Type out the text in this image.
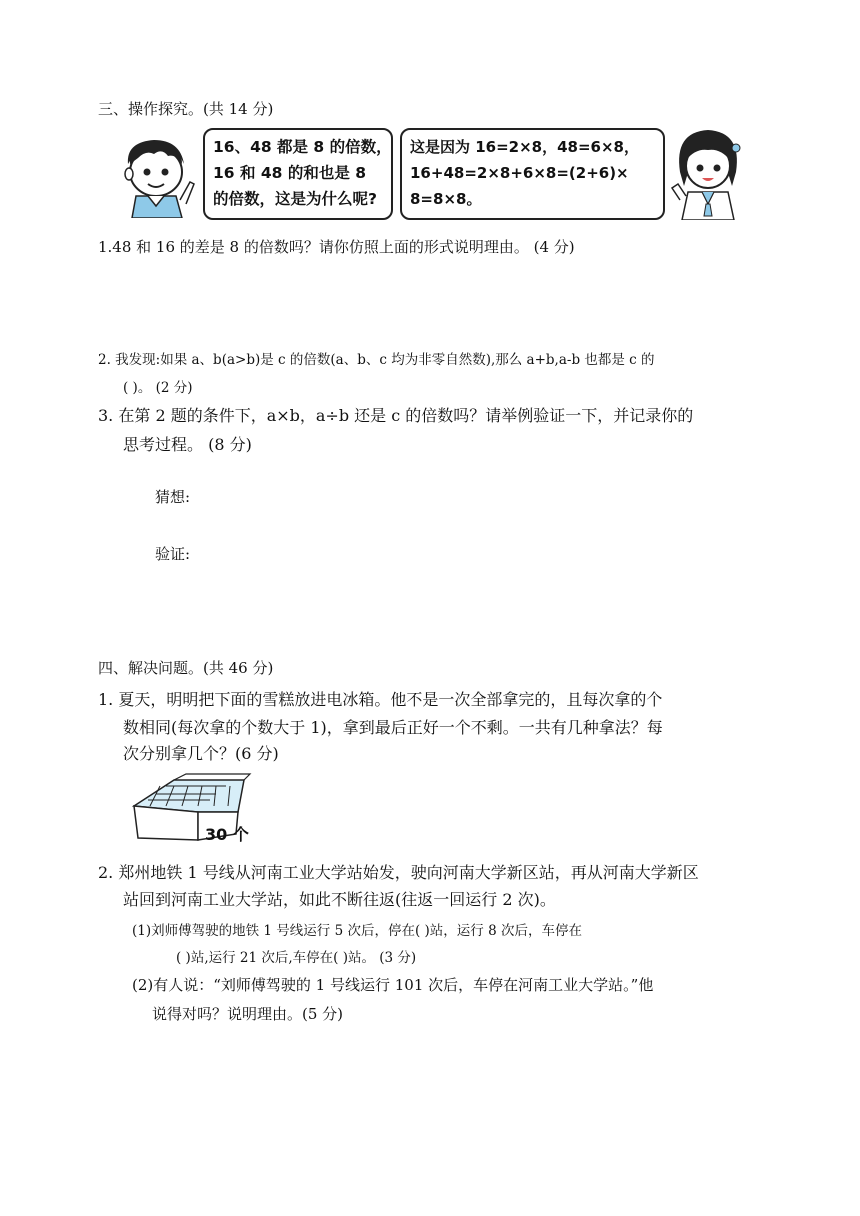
三、操作探究。(共 14 分)
16、48 都是 8 的倍数，
16 和 48 的和也是 8
的倍数，这是为什么呢?
这是因为 16=2×8，48=6×8，
16+48=2×8+6×8=(2+6)×
8=8×8。
1.48 和 16 的差是 8 的倍数吗？请你仿照上面的形式说明理由。 (4 分)
2. 我发现:如果 a、b(a>b)是 c 的倍数(a、b、c 均为非零自然数),那么 a+b,a-b 也都是 c 的
( )。 (2 分)
3. 在第 2 题的条件下，a×b，a÷b 还是 c 的倍数吗？请举例验证一下，并记录你的
思考过程。 (8 分)
猜想:
验证:
四、解决问题。(共 46 分)
1. 夏天，明明把下面的雪糕放进电冰箱。他不是一次全部拿完的，且每次拿的个
数相同(每次拿的个数大于 1)，拿到最后正好一个不剩。一共有几种拿法？每
次分别拿几个？(6 分)
30 个
2. 郑州地铁 1 号线从河南工业大学站始发，驶向河南大学新区站，再从河南大学新区
站回到河南工业大学站，如此不断往返(往返一回运行 2 次)。
(1)刘师傅驾驶的地铁 1 号线运行 5 次后，停在( )站，运行 8 次后，车停在
( )站,运行 21 次后,车停在( )站。 (3 分)
(2)有人说：“刘师傅驾驶的 1 号线运行 101 次后，车停在河南工业大学站。”他
说得对吗？说明理由。(5 分)
